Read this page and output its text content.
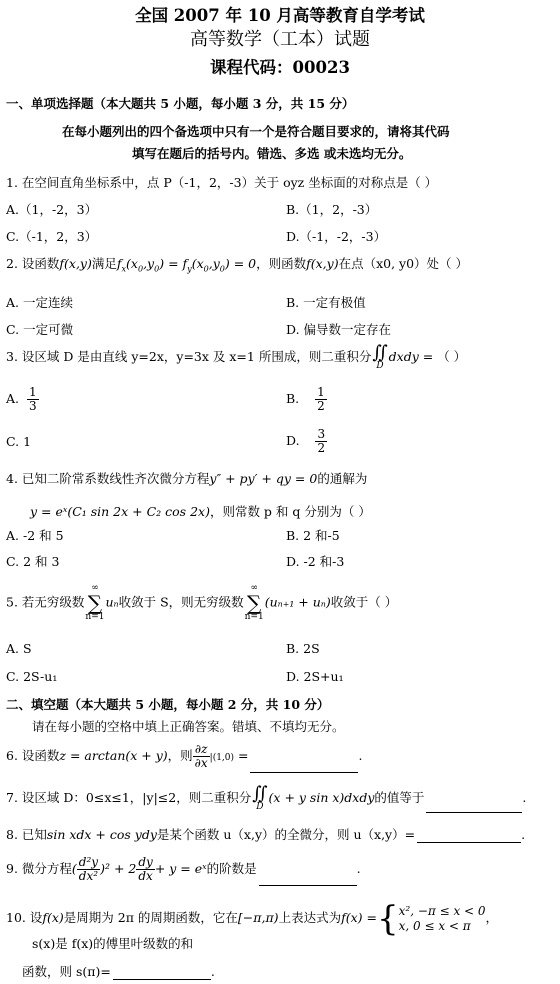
全国 2007 年 10 月高等教育自学考试
高等数学（工本）试题
课程代码：00023
一、单项选择题（本大题共 5 小题，每小题 3 分，共 15 分）
在每小题列出的四个备选项中只有一个是符合题目要求的，请将其代码
填写在题后的括号内。错选、多选 或未选均无分。
1. 在空间直角坐标系中，点 P（-1，2，-3）关于 oyz 坐标面的对称点是（ ）
A.（1，-2，3）	B.（1，2，-3）
C.（-1，2，3）	D.（-1，-2，-3）
2. 设函数f(x,y)满足$f_x(x_0,y_0) = f_y(x_0,y_0) = 0$，则函数f(x,y)在点（x0, y0）处（ ）
A. 一定连续	B. 一定有极值
C. 一定可微	D. 偏导数一定存在
3. 设区域 D 是由直线 y=2x，y=3x 及 x=1 所围成，则二重积分 ∬
D
dxdy = （ ）
A. $\frac{1}{3}$	B. $\frac{1}{2}$
C. 1	D. $\frac{3}{2}$
4. 已知二阶常系数线性齐次微分方程y″ + py′ + qy = 0的通解为
y = eˣ(C₁ sin 2x + C₂ cos 2x)，则常数 p 和 q 分别为（ ）
A. -2 和 5	B. 2 和-5
C. 2 和 3	D. -2 和-3
5. 若无穷级数∞
∑
n=1uₙ收敛于 S，则无穷级数∞
∑
n=1(uₙ₊₁ + uₙ)收敛于（ ）
A. S	B. 2S
C. 2S-u₁	D. 2S+u₁
二、填空题（本大题共 5 小题，每小题 2 分，共 10 分）
请在每小题的空格中填上正确答案。错填、不填均无分。
6. 设函数z = arctan(x + y)，则 $\frac{\partial z}{\partial x} |(1,0)$ =	.
7. 设区域 D：0≤x≤1，|y|≤2，则二重积分 ∬
D
(x + y sin x)dxdy的值等于	.
8. 已知sin xdx + cos ydy是某个函数 u（x,y）的全微分，则 u（x,y）=	.
9. 微分方程( $\frac{\text{d²y}}{\text{dx²}} )^2 + 2 \frac{dy}{dx} + y$ = eˣ的阶数是	.
10. 设f(x)是周期为 2π 的周期函数，它在[−π,π)上表达式为f(x) ={ x², −π ≤ x < 0
x, 0 ≤ x < π
，
s(x)是 f(x)的傅里叶级数的和
函数，则 s(π)=	.
